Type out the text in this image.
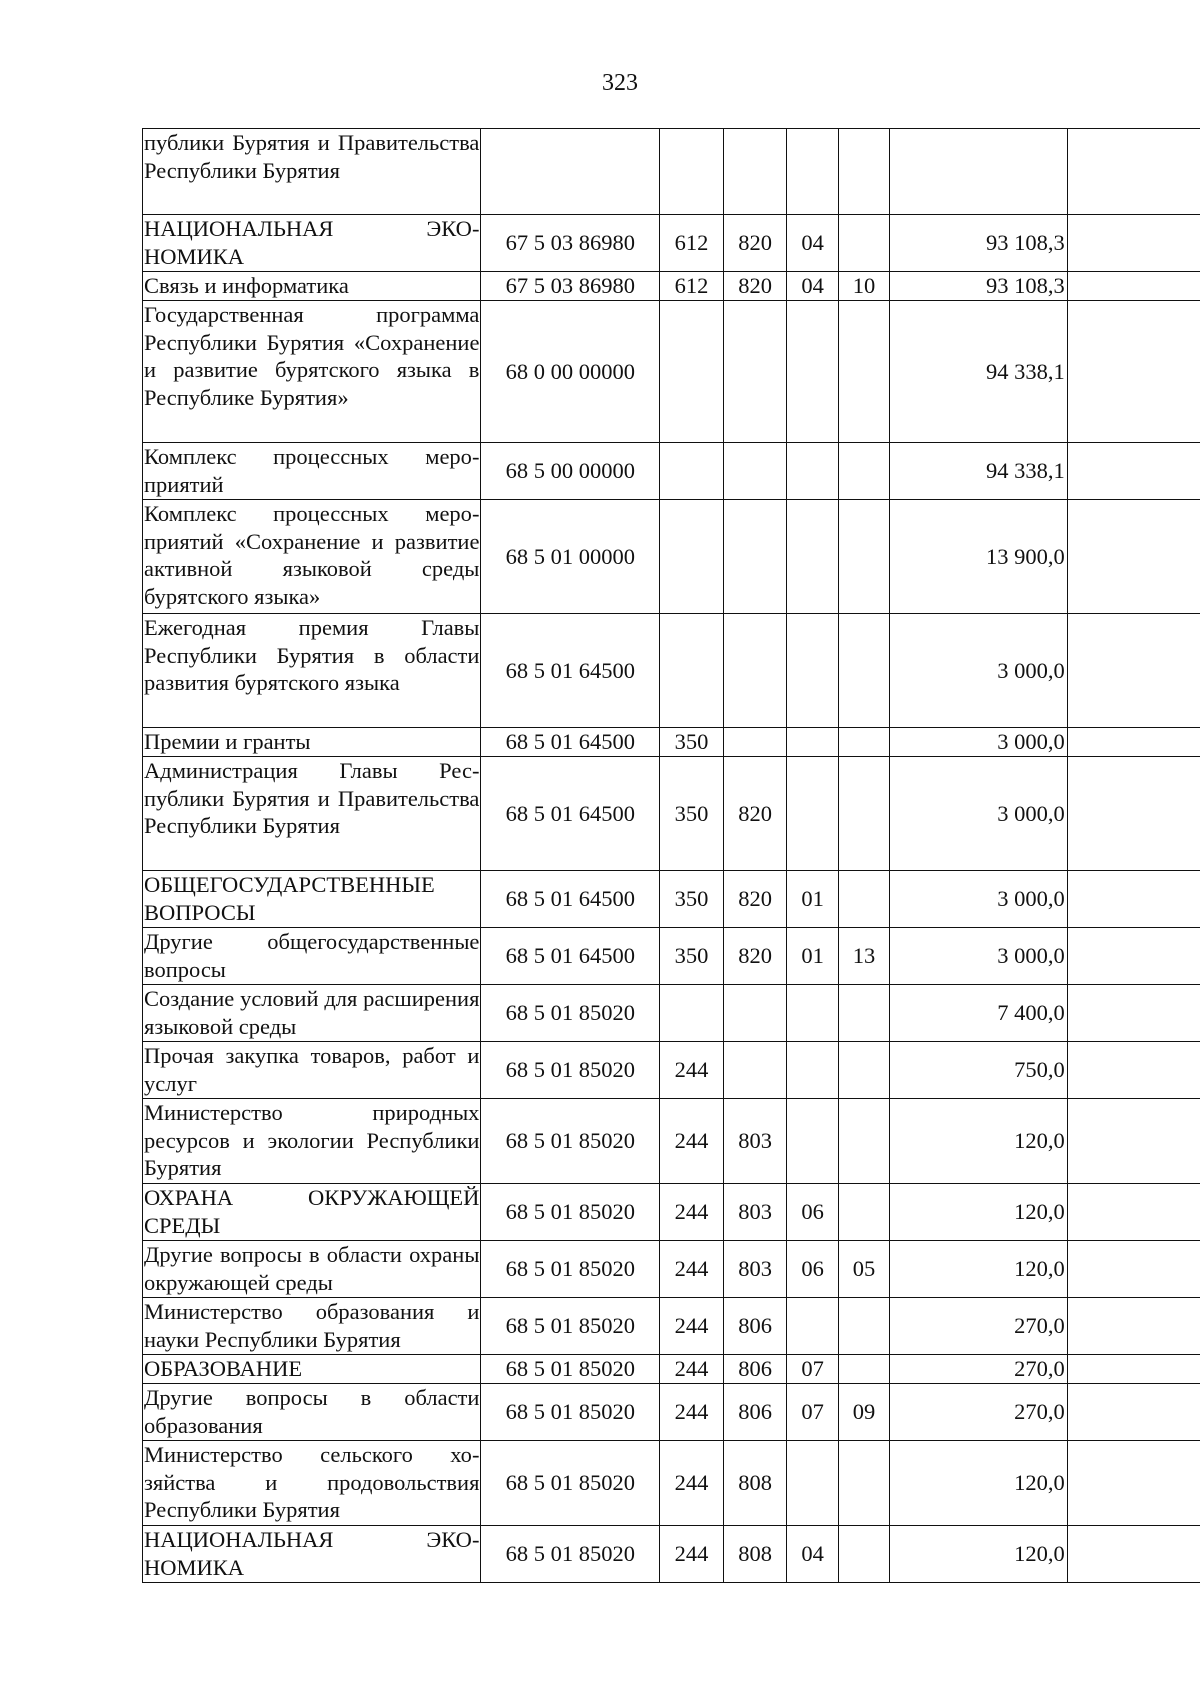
323
публики Бурятия и Правительства Республики Бурятия							
НАЦИОНАЛЬНАЯ ЭКОНОМИКА	67 5 03 86980	612	820	04		93 108,3	
Связь и информатика	67 5 03 86980	612	820	04	10	93 108,3	
Государственная программа Республики Бурятия «Сохранение и развитие бурятского языка в Республике Бурятия»	68 0 00 00000					94 338,1	
Комплекс процессных мероприятий	68 5 00 00000					94 338,1	
Комплекс процессных мероприятий «Сохранение и развитие активной языковой среды бурятского языка»	68 5 01 00000					13 900,0	
Ежегодная премия Главы Республики Бурятия в области развития бурятского языка	68 5 01 64500					3 000,0	
Премии и гранты	68 5 01 64500	350				3 000,0	
Администрация Главы Республики Бурятия и Правительства Республики Бурятия	68 5 01 64500	350	820			3 000,0	
ОБЩЕГОСУДАРСТВЕННЫЕ ВОПРОСЫ	68 5 01 64500	350	820	01		3 000,0	
Другие общегосударственные вопросы	68 5 01 64500	350	820	01	13	3 000,0	
Создание условий для расширения языковой среды	68 5 01 85020					7 400,0	
Прочая закупка товаров, работ и услуг	68 5 01 85020	244				750,0	
Министерство природных ресурсов и экологии Республики Бурятия	68 5 01 85020	244	803			120,0	
ОХРАНА ОКРУЖАЮЩЕЙ СРЕДЫ	68 5 01 85020	244	803	06		120,0	
Другие вопросы в области охраны окружающей среды	68 5 01 85020	244	803	06	05	120,0	
Министерство образования и науки Республики Бурятия	68 5 01 85020	244	806			270,0	
ОБРАЗОВАНИЕ	68 5 01 85020	244	806	07		270,0	
Другие вопросы в области образования	68 5 01 85020	244	806	07	09	270,0	
Министерство сельского хозяйства и продовольствия Республики Бурятия	68 5 01 85020	244	808			120,0	
НАЦИОНАЛЬНАЯ ЭКОНОМИКА	68 5 01 85020	244	808	04		120,0	
